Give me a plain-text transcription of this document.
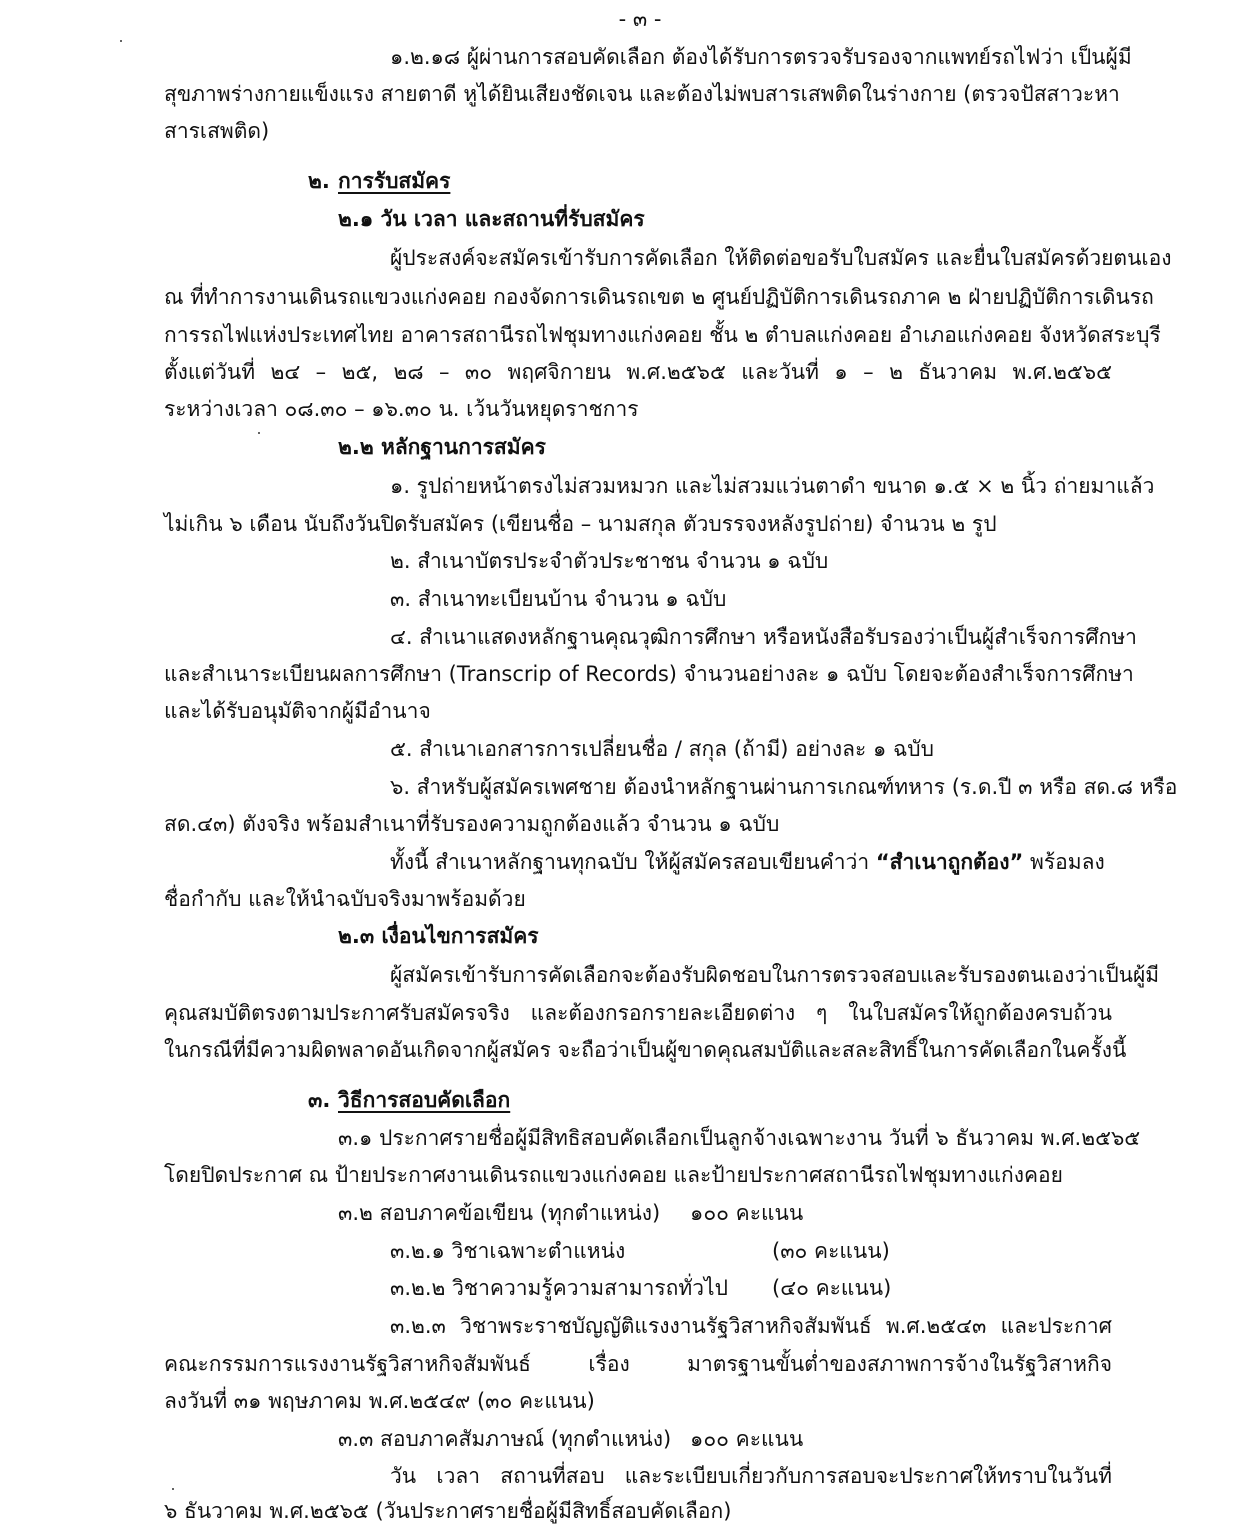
- ๓ -
๑.๒.๑๘ ผู้ผ่านการสอบคัดเลือก ต้องได้รับการตรวจรับรองจากแพทย์รถไฟว่า เป็นผู้มี
สุขภาพร่างกายแข็งแรง สายตาดี หูได้ยินเสียงชัดเจน และต้องไม่พบสารเสพติดในร่างกาย (ตรวจปัสสาวะหา
สารเสพติด)
๒. การรับสมัคร
๒.๑ วัน เวลา และสถานที่รับสมัคร
ผู้ประสงค์จะสมัครเข้ารับการคัดเลือก ให้ติดต่อขอรับใบสมัคร และยื่นใบสมัครด้วยตนเอง
ณ ที่ทำการงานเดินรถแขวงแก่งคอย กองจัดการเดินรถเขต ๒ ศูนย์ปฏิบัติการเดินรถภาค ๒ ฝ่ายปฏิบัติการเดินรถ
การรถไฟแห่งประเทศไทย อาคารสถานีรถไฟชุมทางแก่งคอย ชั้น ๒ ตำบลแก่งคอย อำเภอแก่งคอย จังหวัดสระบุรี
ตั้งแต่วันที่ ๒๔ – ๒๕, ๒๘ – ๓๐ พฤศจิกายน พ.ศ.๒๕๖๕ และวันที่ ๑ – ๒ ธันวาคม พ.ศ.๒๕๖๕
ระหว่างเวลา ๐๘.๓๐ – ๑๖.๓๐ น. เว้นวันหยุดราชการ
๒.๒ หลักฐานการสมัคร
๑. รูปถ่ายหน้าตรงไม่สวมหมวก และไม่สวมแว่นตาดำ ขนาด ๑.๕ × ๒ นิ้ว ถ่ายมาแล้ว
ไม่เกิน ๖ เดือน นับถึงวันปิดรับสมัคร (เขียนชื่อ – นามสกุล ตัวบรรจงหลังรูปถ่าย) จำนวน ๒ รูป
๒. สำเนาบัตรประจำตัวประชาชน จำนวน ๑ ฉบับ
๓. สำเนาทะเบียนบ้าน จำนวน ๑ ฉบับ
๔. สำเนาแสดงหลักฐานคุณวุฒิการศึกษา หรือหนังสือรับรองว่าเป็นผู้สำเร็จการศึกษา
และสำเนาระเบียนผลการศึกษา (Transcrip of Records) จำนวนอย่างละ ๑ ฉบับ โดยจะต้องสำเร็จการศึกษา
และได้รับอนุมัติจากผู้มีอำนาจ
๕. สำเนาเอกสารการเปลี่ยนชื่อ / สกุล (ถ้ามี) อย่างละ ๑ ฉบับ
๖. สำหรับผู้สมัครเพศชาย ต้องนำหลักฐานผ่านการเกณฑ์ทหาร (ร.ด.ปี ๓ หรือ สด.๘ หรือ
สด.๔๓) ตังจริง พร้อมสำเนาที่รับรองความถูกต้องแล้ว จำนวน ๑ ฉบับ
ทั้งนี้ สำเนาหลักฐานทุกฉบับ ให้ผู้สมัครสอบเขียนคำว่า “สำเนาถูกต้อง” พร้อมลง
ชื่อกำกับ และให้นำฉบับจริงมาพร้อมด้วย
๒.๓ เงื่อนไขการสมัคร
ผู้สมัครเข้ารับการคัดเลือกจะต้องรับผิดชอบในการตรวจสอบและรับรองตนเองว่าเป็นผู้มี
คุณสมบัติตรงตามประกาศรับสมัครจริง และต้องกรอกรายละเอียดต่าง ๆ ในใบสมัครให้ถูกต้องครบถ้วน
ในกรณีที่มีความผิดพลาดอันเกิดจากผู้สมัคร จะถือว่าเป็นผู้ขาดคุณสมบัติและสละสิทธิ์ในการคัดเลือกในครั้งนี้
๓. วิธีการสอบคัดเลือก
๓.๑ ประกาศรายชื่อผู้มีสิทธิสอบคัดเลือกเป็นลูกจ้างเฉพาะงาน วันที่ ๖ ธันวาคม พ.ศ.๒๕๖๕
โดยปิดประกาศ ณ ป้ายประกาศงานเดินรถแขวงแก่งคอย และป้ายประกาศสถานีรถไฟชุมทางแก่งคอย
๓.๒ สอบภาคข้อเขียน (ทุกตำแหน่ง) ๑๐๐ คะแนน
๓.๒.๑ วิชาเฉพาะตำแหน่ง	(๓๐ คะแนน)
๓.๒.๒ วิชาความรู้ความสามารถทั่วไป (๔๐ คะแนน)
๓.๒.๓ วิชาพระราชบัญญัติแรงงานรัฐวิสาหกิจสัมพันธ์ พ.ศ.๒๕๔๓ และประกาศ
คณะกรรมการแรงงานรัฐวิสาหกิจสัมพันธ์ เรื่อง มาตรฐานขั้นต่ำของสภาพการจ้างในรัฐวิสาหกิจ
ลงวันที่ ๓๑ พฤษภาคม พ.ศ.๒๕๔๙ (๓๐ คะแนน)
๓.๓ สอบภาคสัมภาษณ์ (ทุกตำแหน่ง) ๑๐๐ คะแนน
วัน เวลา สถานที่สอบ และระเบียบเกี่ยวกับการสอบจะประกาศให้ทราบในวันที่
๖ ธันวาคม พ.ศ.๒๕๖๕ (วันประกาศรายชื่อผู้มีสิทธิ์สอบคัดเลือก)
